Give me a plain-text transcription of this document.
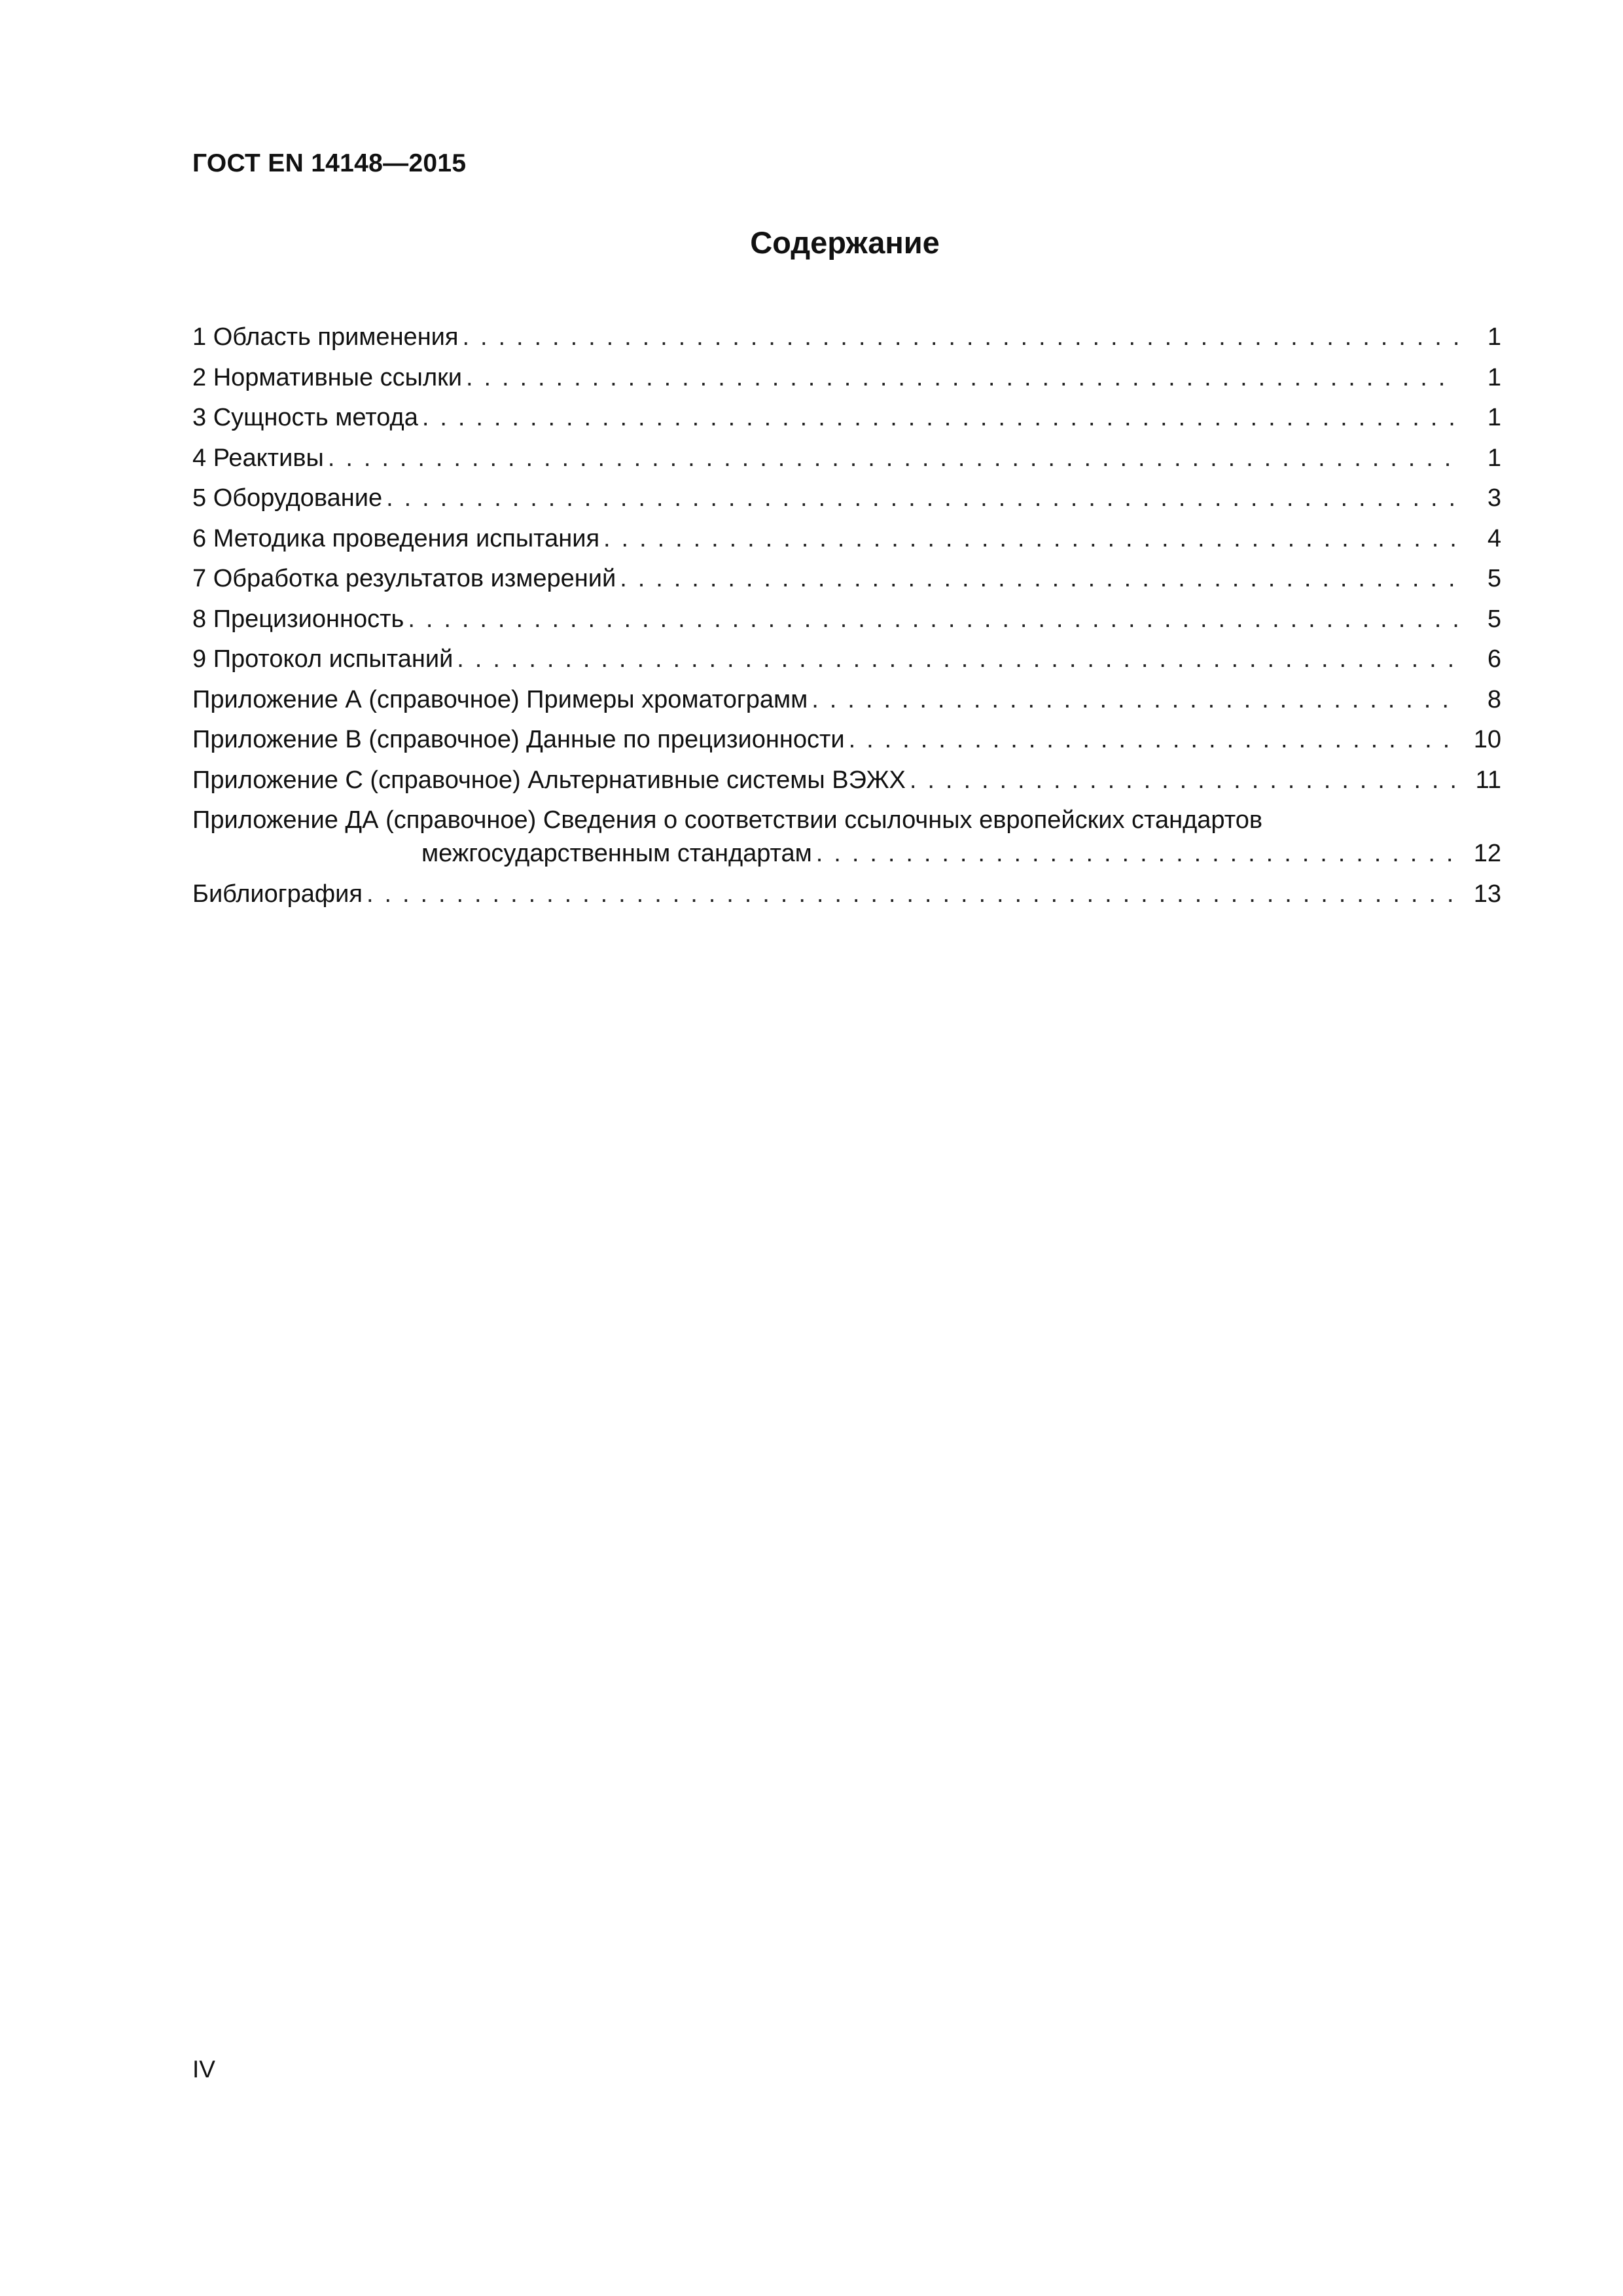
ГОСТ EN 14148—2015
Содержание
1 Область применения . . .	1
2 Нормативные ссылки . . .	1
3 Сущность метода . . .	1
4 Реактивы . . .	1
5 Оборудование . . .	3
6 Методика проведения испытания . . .	4
7 Обработка результатов измерений . . .	5
8 Прецизионность . . .	5
9 Протокол испытаний . . .	6
Приложение А (справочное) Примеры хроматограмм . . .	8
Приложение В (справочное) Данные по прецизионности . . .	10
Приложение С (справочное) Альтернативные системы ВЭЖХ . . .	11
Приложение ДА (справочное) Сведения о соответствии ссылочных европейских стандартов
межгосударственным стандартам . . .	12
Библиография . . .	13
IV
